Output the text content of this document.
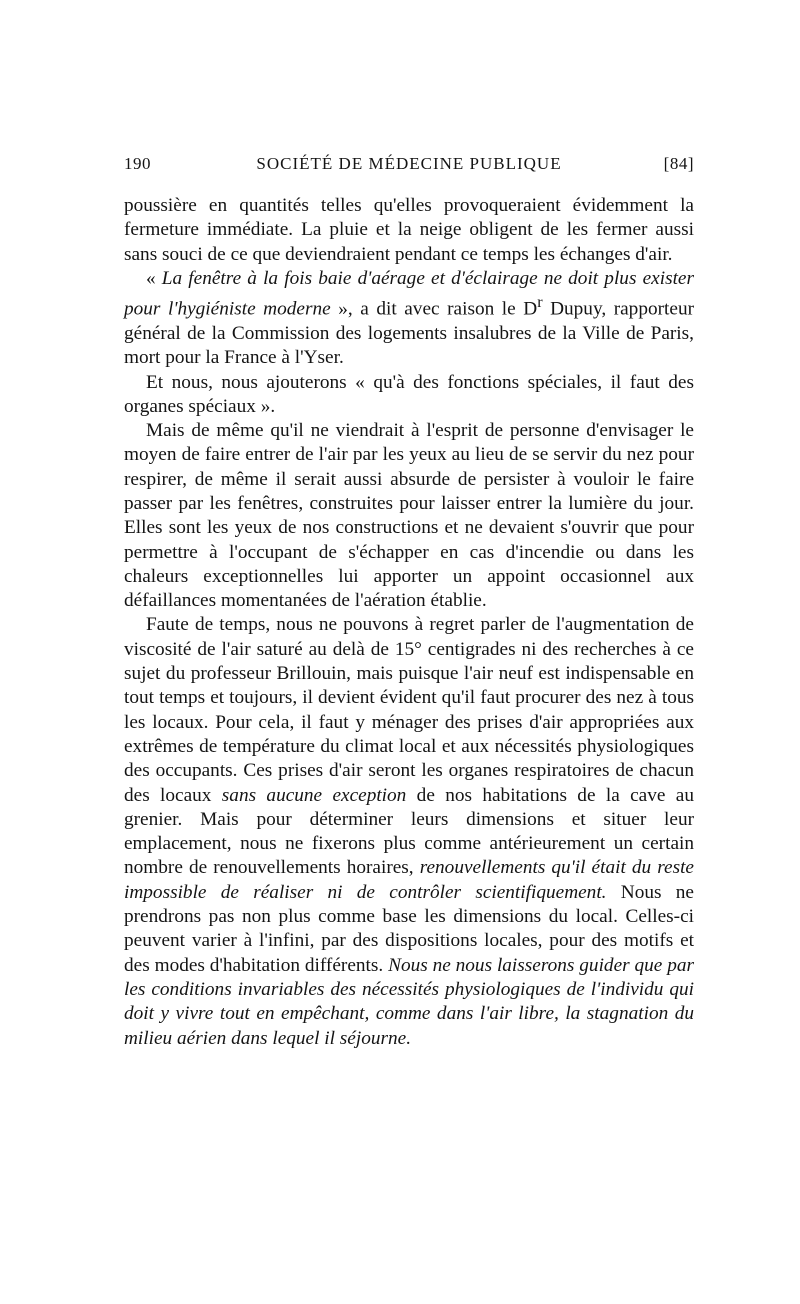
190	SOCIÉTÉ DE MÉDECINE PUBLIQUE	[84]

poussière en quantités telles qu'elles provoqueraient évidemment la fermeture immédiate. La pluie et la neige obligent de les fermer aussi sans souci de ce que deviendraient pendant ce temps les échanges d'air.

« La fenêtre à la fois baie d'aérage et d'éclairage ne doit plus exister pour l'hygiéniste moderne », a dit avec raison le $D^r$ Dupuy, rapporteur général de la Commission des logements insalubres de la Ville de Paris, mort pour la France à l'Yser.

Et nous, nous ajouterons « qu'à des fonctions spéciales, il faut des organes spéciaux ».

Mais de même qu'il ne viendrait à l'esprit de personne d'envisager le moyen de faire entrer de l'air par les yeux au lieu de se servir du nez pour respirer, de même il serait aussi absurde de persister à vouloir le faire passer par les fenêtres, construites pour laisser entrer la lumière du jour. Elles sont les yeux de nos constructions et ne devaient s'ouvrir que pour permettre à l'occupant de s'échapper en cas d'incendie ou dans les chaleurs exceptionnelles lui apporter un appoint occasionnel aux défaillances momentanées de l'aération établie.

Faute de temps, nous ne pouvons à regret parler de l'augmentation de viscosité de l'air saturé au delà de 15° centigrades ni des recherches à ce sujet du professeur Brillouin, mais puisque l'air neuf est indispensable en tout temps et toujours, il devient évident qu'il faut procurer des nez à tous les locaux. Pour cela, il faut y ménager des prises d'air appropriées aux extrêmes de température du climat local et aux nécessités physiologiques des occupants. Ces prises d'air seront les organes respiratoires de chacun des locaux sans aucune exception de nos habitations de la cave au grenier. Mais pour déterminer leurs dimensions et situer leur emplacement, nous ne fixerons plus comme antérieurement un certain nombre de renouvellements horaires, renouvellements qu'il était du reste impossible de réaliser ni de contrôler scientifiquement. Nous ne prendrons pas non plus comme base les dimensions du local. Celles-ci peuvent varier à l'infini, par des dispositions locales, pour des motifs et des modes d'habitation différents. Nous ne nous laisserons guider que par les conditions invariables des nécessités physiologiques de l'individu qui doit y vivre tout en empêchant, comme dans l'air libre, la stagnation du milieu aérien dans lequel il séjourne.
